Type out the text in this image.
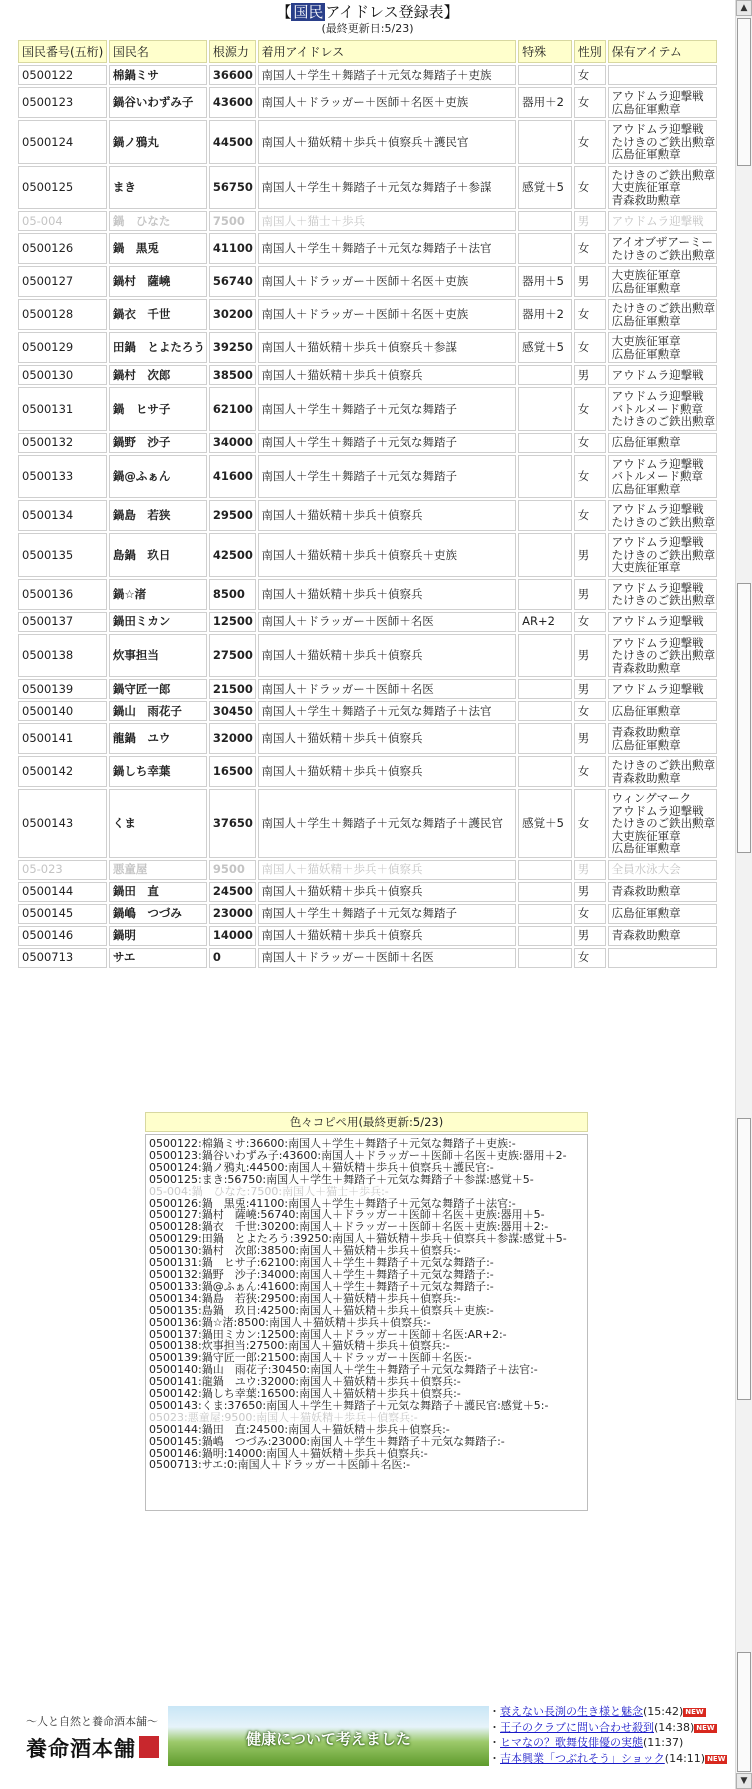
【 国民 アイドレス登録表】
(最終更新日:5/23)
国民番号(五桁)	国民名	根源力	着用アイドレス	特殊	性別	保有アイテム
0500122	棉鍋ミサ	36600	南国人＋学生＋舞踏子＋元気な舞踏子＋吏族		女	
0500123	鍋谷いわずみ子	43600	南国人＋ドラッガー＋医師＋名医＋吏族	器用＋2	女	アウドムラ迎撃戦
広島征軍勲章

0500124	鍋ノ鴉丸	44500	南国人＋猫妖精＋歩兵＋偵察兵＋護民官		女	アウドムラ迎撃戦
たけきのご鉄出勲章
広島征軍勲章

0500125	まき	56750	南国人＋学生＋舞踏子＋元気な舞踏子＋参謀	感覚＋5	女	たけきのご鉄出勲章
大吏族征軍章
青森救助勲章

05-004	鍋　ひなた	7500	南国人＋猫士＋歩兵		男	アウドムラ迎撃戦

0500126	鍋　黒兎	41100	南国人＋学生＋舞踏子＋元気な舞踏子＋法官		女	アイオブザアーミー
たけきのご鉄出勲章

0500127	鍋村　薩嶢	56740	南国人＋ドラッガー＋医師＋名医＋吏族	器用＋5	男	大吏族征軍章
広島征軍勲章

0500128	鍋衣　千世	30200	南国人＋ドラッガー＋医師＋名医＋吏族	器用＋2	女	たけきのご鉄出勲章
広島征軍勲章

0500129	田鍋　とよたろう	39250	南国人＋猫妖精＋歩兵＋偵察兵＋参謀	感覚＋5	女	大吏族征軍章
広島征軍勲章

0500130	鍋村　次郎	38500	南国人＋猫妖精＋歩兵＋偵察兵		男	アウドムラ迎撃戦

0500131	鍋　ヒサ子	62100	南国人＋学生＋舞踏子＋元気な舞踏子		女	アウドムラ迎撃戦
バトルメード勲章
たけきのご鉄出勲章

0500132	鍋野　沙子	34000	南国人＋学生＋舞踏子＋元気な舞踏子		女	広島征軍勲章

0500133	鍋@ふぁん	41600	南国人＋学生＋舞踏子＋元気な舞踏子		女	アウドムラ迎撃戦
バトルメード勲章
広島征軍勲章

0500134	鍋島　若狭	29500	南国人＋猫妖精＋歩兵＋偵察兵		女	アウドムラ迎撃戦
たけきのご鉄出勲章

0500135	島鍋　玖日	42500	南国人＋猫妖精＋歩兵＋偵察兵＋吏族		男	アウドムラ迎撃戦
たけきのご鉄出勲章
大吏族征軍章

0500136	鍋☆渚	8500	南国人＋猫妖精＋歩兵＋偵察兵		男	アウドムラ迎撃戦
たけきのご鉄出勲章

0500137	鍋田ミカン	12500	南国人＋ドラッガー＋医師＋名医	AR+2	女	アウドムラ迎撃戦

0500138	炊事担当	27500	南国人＋猫妖精＋歩兵＋偵察兵		男	アウドムラ迎撃戦
たけきのご鉄出勲章
青森救助勲章

0500139	鍋守匠一郎	21500	南国人＋ドラッガー＋医師＋名医		男	アウドムラ迎撃戦

0500140	鍋山　雨花子	30450	南国人＋学生＋舞踏子＋元気な舞踏子＋法官		女	広島征軍勲章

0500141	龍鍋　ユウ	32000	南国人＋猫妖精＋歩兵＋偵察兵		男	青森救助勲章
広島征軍勲章

0500142	鍋しち幸葉	16500	南国人＋猫妖精＋歩兵＋偵察兵		女	たけきのご鉄出勲章
青森救助勲章

0500143	くま	37650	南国人＋学生＋舞踏子＋元気な舞踏子＋護民官	感覚＋5	女	ウィングマーク
アウドムラ迎撃戦
たけきのご鉄出勲章
大吏族征軍章
広島征軍勲章

05-023	悪童屋	9500	南国人＋猫妖精＋歩兵＋偵察兵		男	全員水泳大会

0500144	鍋田　直	24500	南国人＋猫妖精＋歩兵＋偵察兵		男	青森救助勲章

0500145	鍋嶋　つづみ	23000	南国人＋学生＋舞踏子＋元気な舞踏子		女	広島征軍勲章

0500146	鍋明	14000	南国人＋猫妖精＋歩兵＋偵察兵		男	青森救助勲章

0500713	サエ	0	南国人＋ドラッガー＋医師＋名医		女	
色々コピペ用(最終更新:5/23)
0500122:棉鍋ミサ:36600:南国人＋学生＋舞踏子＋元気な舞踏子＋吏族:-
0500123:鍋谷いわずみ子:43600:南国人＋ドラッガー＋医師＋名医＋吏族:器用＋2-
0500124:鍋ノ鴉丸:44500:南国人＋猫妖精＋歩兵＋偵察兵＋護民官:-
0500125:まき:56750:南国人＋学生＋舞踏子＋元気な舞踏子＋参謀:感覚＋5-
05-004:鍋　ひなた:7500:南国人＋猫士＋歩兵:-
0500126:鍋　黒兎:41100:南国人＋学生＋舞踏子＋元気な舞踏子＋法官:-
0500127:鍋村　薩嶢:56740:南国人＋ドラッガー＋医師＋名医＋吏族:器用＋5-
0500128:鍋衣　千世:30200:南国人＋ドラッガー＋医師＋名医＋吏族:器用＋2:-
0500129:田鍋　とよたろう:39250:南国人＋猫妖精＋歩兵＋偵察兵＋参謀:感覚＋5-
0500130:鍋村　次郎:38500:南国人＋猫妖精＋歩兵＋偵察兵:-
0500131:鍋　ヒサ子:62100:南国人＋学生＋舞踏子＋元気な舞踏子:-
0500132:鍋野　沙子:34000:南国人＋学生＋舞踏子＋元気な舞踏子:-
0500133:鍋@ふぁん:41600:南国人＋学生＋舞踏子＋元気な舞踏子:-
0500134:鍋島　若狭:29500:南国人＋猫妖精＋歩兵＋偵察兵:-
0500135:島鍋　玖日:42500:南国人＋猫妖精＋歩兵＋偵察兵＋吏族:-
0500136:鍋☆渚:8500:南国人＋猫妖精＋歩兵＋偵察兵:-
0500137:鍋田ミカン:12500:南国人＋ドラッガー＋医師＋名医:AR+2:-
0500138:炊事担当:27500:南国人＋猫妖精＋歩兵＋偵察兵:-
0500139:鍋守匠一郎:21500:南国人＋ドラッガー＋医師＋名医:-
0500140:鍋山　雨花子:30450:南国人＋学生＋舞踏子＋元気な舞踏子＋法官:-
0500141:龍鍋　ユウ:32000:南国人＋猫妖精＋歩兵＋偵察兵:-
0500142:鍋しち幸葉:16500:南国人＋猫妖精＋歩兵＋偵察兵:-
0500143:くま:37650:南国人＋学生＋舞踏子＋元気な舞踏子＋護民官:感覚＋5:-
05023:悪童屋:9500:南国人＋猫妖精＋歩兵＋偵察兵:-
0500144:鍋田　直:24500:南国人＋猫妖精＋歩兵＋偵察兵:-
0500145:鍋嶋　つづみ:23000:南国人＋学生＋舞踏子＋元気な舞踏子:-
0500146:鍋明:14000:南国人＋猫妖精＋歩兵＋偵察兵:-
0500713:サエ:0:南国人＋ドラッガー＋医師＋名医:-
〜人と自然と養命酒本舗〜
養命酒本舗	健康について考えました
・衰えない長渕の生き様と魅念(15:42) NEW
・王子のクラブに問い合わせ殺到(14:38) NEW
・ヒマなの？歌舞伎俳優の実態(11:37)
・吉本興業「つぶれそう」ショック(14:11) NEW
▲
▼
